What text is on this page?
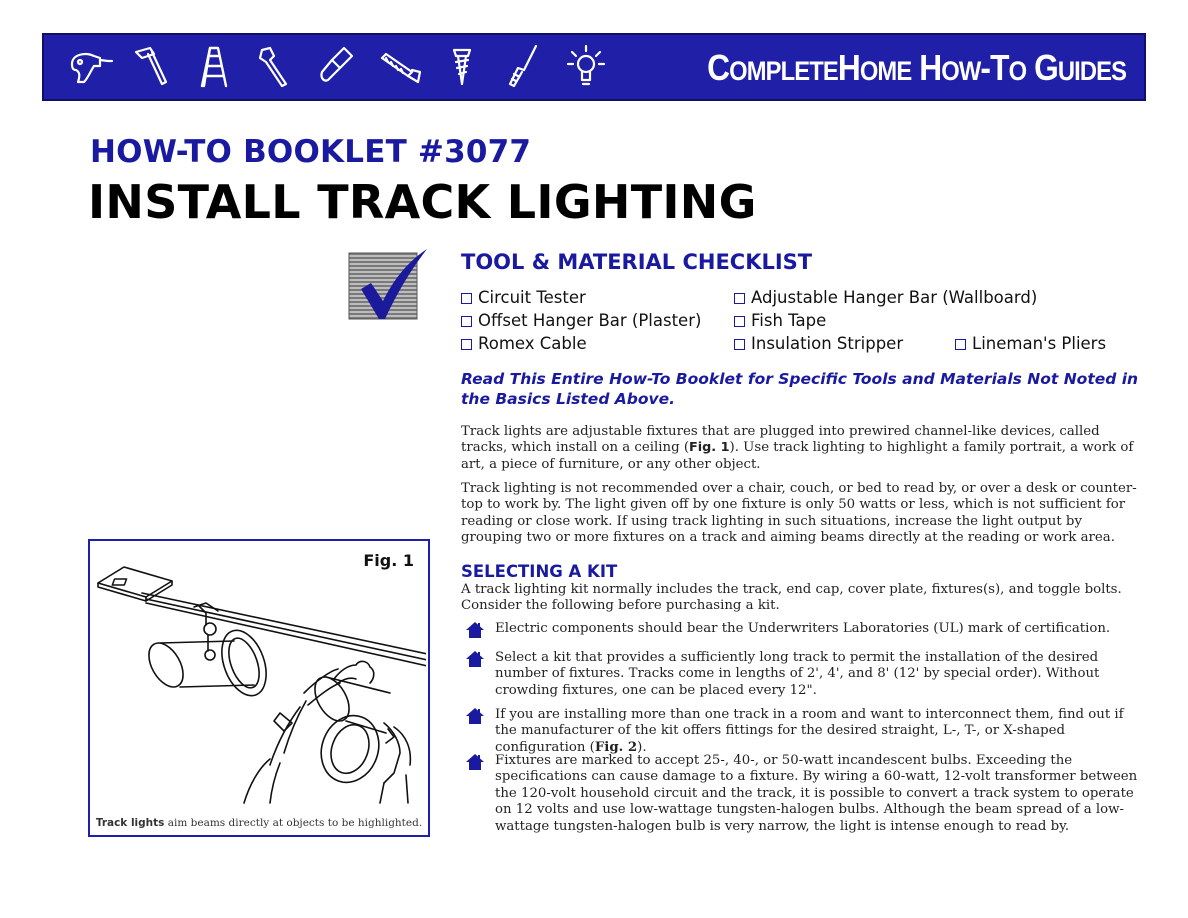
COMPLETEHOME HOW-TO GUIDES
HOW-TO BOOKLET #3077
INSTALL TRACK LIGHTING
TOOL & MATERIAL CHECKLIST
Circuit Tester	Adjustable Hanger Bar (Wallboard)
Offset Hanger Bar (Plaster)	Fish Tape
Romex Cable	Insulation Stripper	Lineman's Pliers
Read This Entire How-To Booklet for Specific Tools and Materials Not Noted in the Basics Listed Above.
Track lights are adjustable fixtures that are plugged into prewired channel-like devices, called tracks, which install on a ceiling (Fig. 1). Use track lighting to highlight a family portrait, a work of art, a piece of furniture, or any other object.
Track lighting is not recommended over a chair, couch, or bed to read by, or over a desk or counter-top to work by. The light given off by one fixture is only 50 watts or less, which is not sufficient for reading or close work. If using track lighting in such situations, increase the light output by grouping two or more fixtures on a track and aiming beams directly at the reading or work area.
SELECTING A KIT
A track lighting kit normally includes the track, end cap, cover plate, fixtures(s), and toggle bolts. Consider the following before purchasing a kit.
Electric components should bear the Underwriters Laboratories (UL) mark of certification.
Select a kit that provides a sufficiently long track to permit the installation of the desired number of fixtures. Tracks come in lengths of 2', 4', and 8' (12' by special order). Without crowding fixtures, one can be placed every 12".
If you are installing more than one track in a room and want to interconnect them, find out if the manufacturer of the kit offers fittings for the desired straight, L-, T-, or X-shaped configuration (Fig. 2).
Fixtures are marked to accept 25-, 40-, or 50-watt incandescent bulbs. Exceeding the specifications can cause damage to a fixture. By wiring a 60-watt, 12-volt transformer between the 120-volt household circuit and the track, it is possible to convert a track system to operate on 12 volts and use low-wattage tungsten-halogen bulbs. Although the beam spread of a low-wattage tungsten-halogen bulb is very narrow, the light is intense enough to read by.
Fig. 1
Track lights aim beams directly at objects to be highlighted.
